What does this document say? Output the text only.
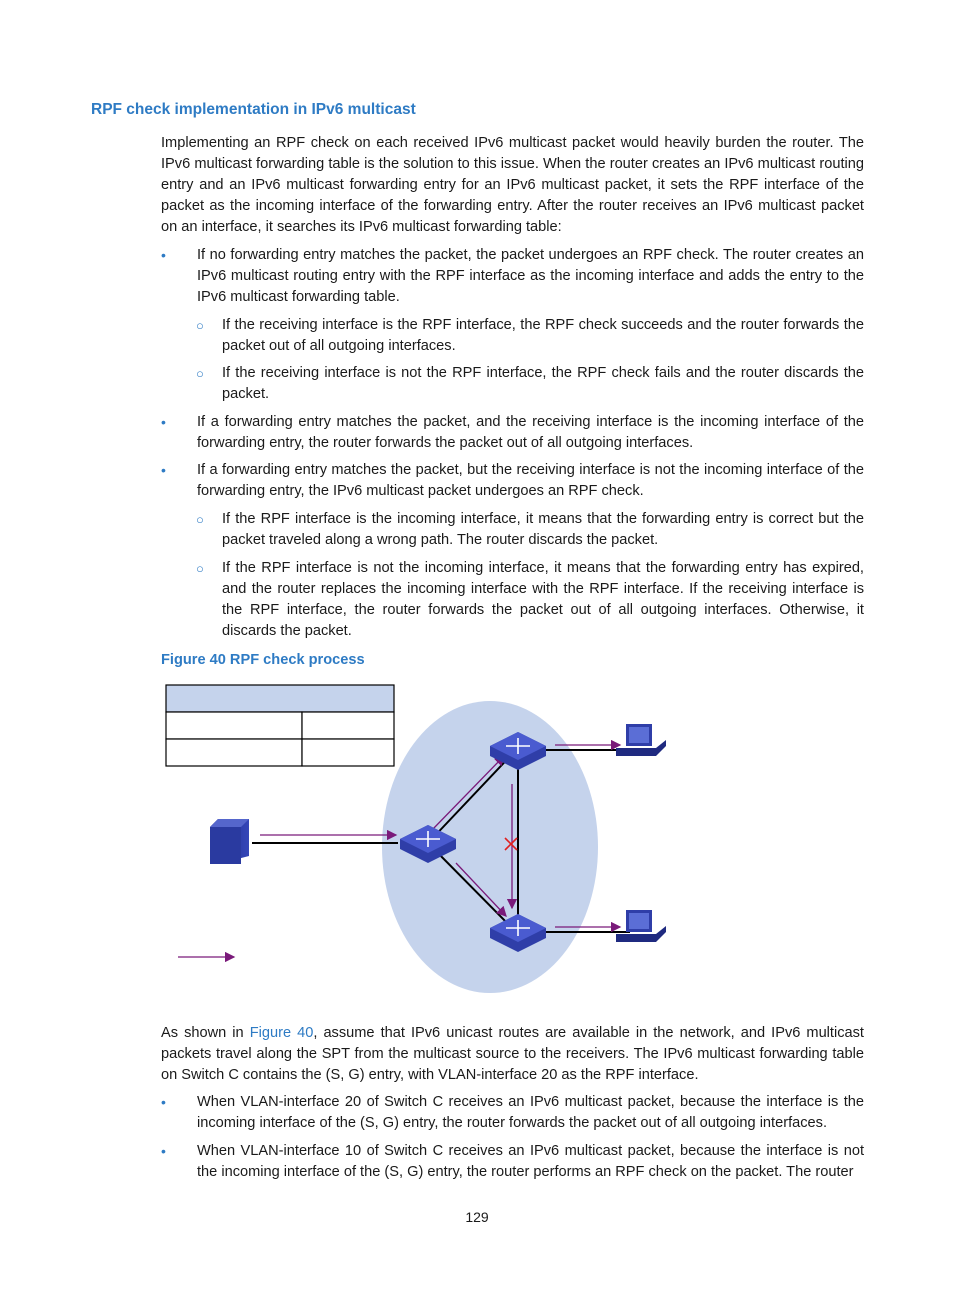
RPF check implementation in IPv6 multicast
Implementing an RPF check on each received IPv6 multicast packet would heavily burden the router. The IPv6 multicast forwarding table is the solution to this issue. When the router creates an IPv6 multicast routing entry and an IPv6 multicast forwarding entry for an IPv6 multicast packet, it sets the RPF interface of the packet as the incoming interface of the forwarding entry. After the router receives an IPv6 multicast packet on an interface, it searches its IPv6 multicast forwarding table:
•	If no forwarding entry matches the packet, the packet undergoes an RPF check. The router creates an IPv6 multicast routing entry with the RPF interface as the incoming interface and adds the entry to the IPv6 multicast forwarding table.
○ If the receiving interface is the RPF interface, the RPF check succeeds and the router forwards the packet out of all outgoing interfaces.
○ If the receiving interface is not the RPF interface, the RPF check fails and the router discards the packet.
•	If a forwarding entry matches the packet, and the receiving interface is the incoming interface of the forwarding entry, the router forwards the packet out of all outgoing interfaces.
•	If a forwarding entry matches the packet, but the receiving interface is not the incoming interface of the forwarding entry, the IPv6 multicast packet undergoes an RPF check.
○ If the RPF interface is the incoming interface, it means that the forwarding entry is correct but the packet traveled along a wrong path. The router discards the packet.
○ If the RPF interface is not the incoming interface, it means that the forwarding entry has expired, and the router replaces the incoming interface with the RPF interface. If the receiving interface is the RPF interface, the router forwards the packet out of all outgoing interfaces. Otherwise, it discards the packet.
Figure 40 RPF check process
As shown in Figure 40, assume that IPv6 unicast routes are available in the network, and IPv6 multicast packets travel along the SPT from the multicast source to the receivers. The IPv6 multicast forwarding table on Switch C contains the (S, G) entry, with VLAN-interface 20 as the RPF interface.
•	When VLAN-interface 20 of Switch C receives an IPv6 multicast packet, because the interface is the incoming interface of the (S, G) entry, the router forwards the packet out of all outgoing interfaces.
•	When VLAN-interface 10 of Switch C receives an IPv6 multicast packet, because the interface is not the incoming interface of the (S, G) entry, the router performs an RPF check on the packet. The router
129
